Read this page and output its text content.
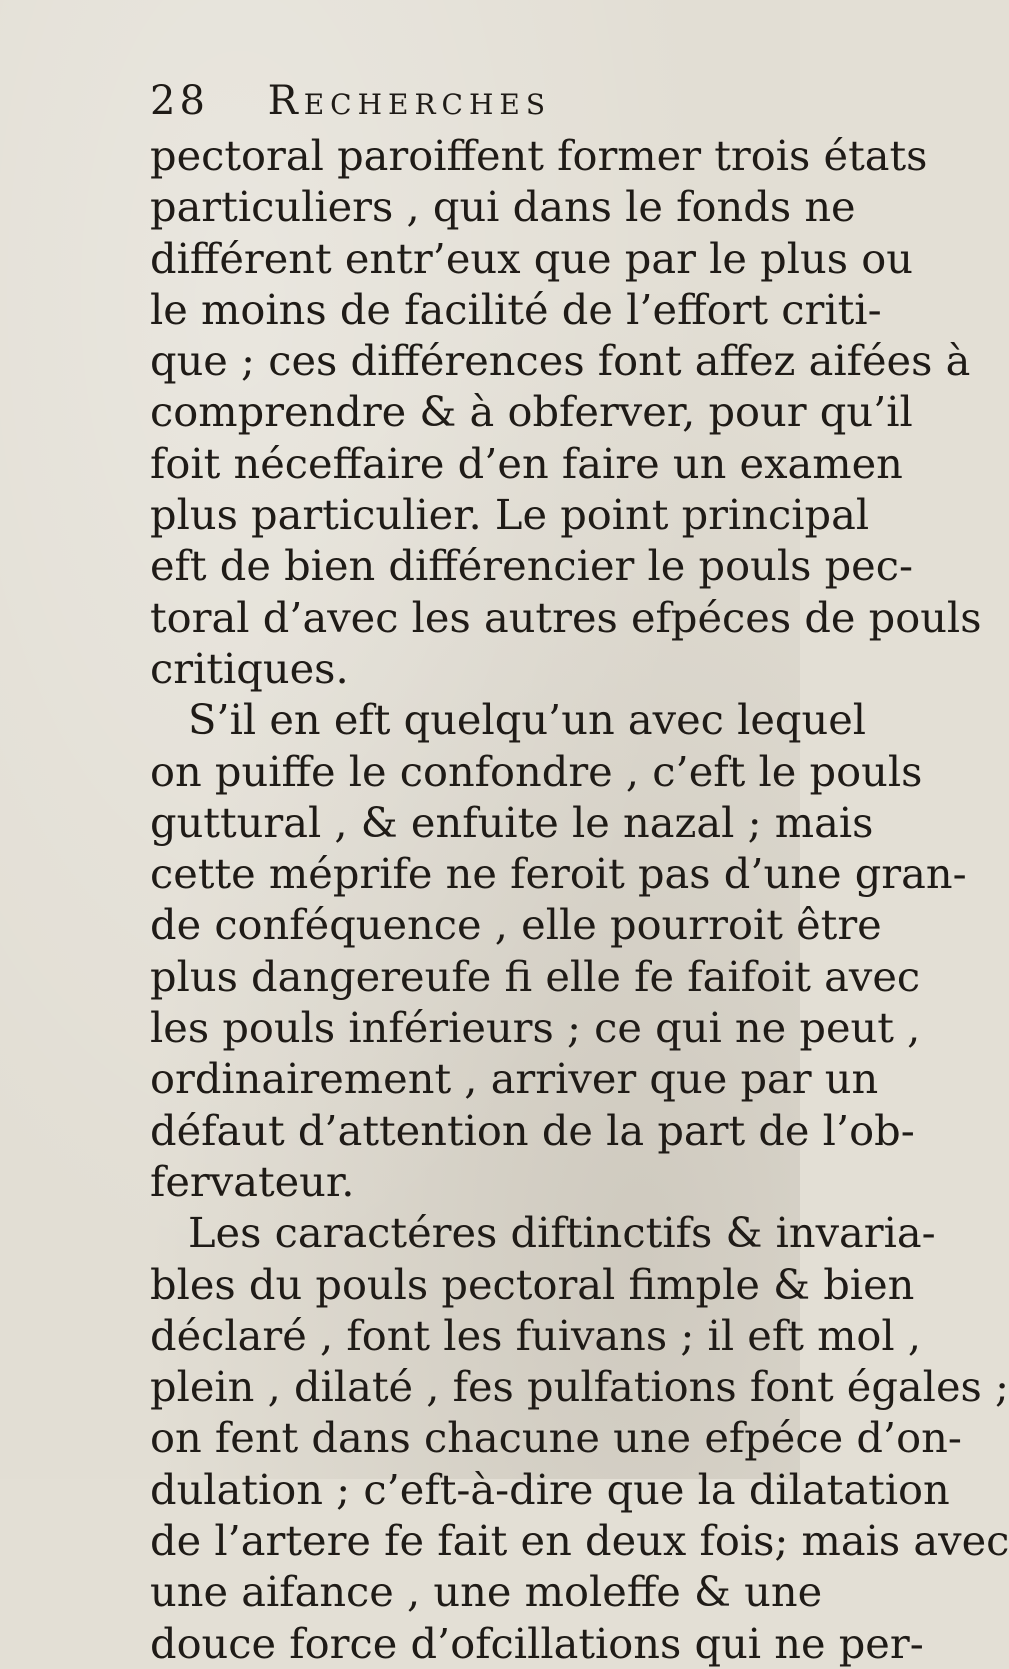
28 Recherches
pectoral paroiffent former trois états
particuliers , qui dans le fonds ne
différent entr’eux que par le plus ou
le moins de facilité de l’effort criti-
que ; ces différences font affez aifées à
comprendre & à obferver, pour qu’il
foit néceffaire d’en faire un examen
plus particulier. Le point principal
eft de bien différencier le pouls pec-
toral d’avec les autres efpéces de pouls
critiques.
S’il en eft quelqu’un avec lequel
on puiffe le confondre , c’eft le pouls
guttural , & enfuite le nazal ; mais
cette méprife ne feroit pas d’une gran-
de conféquence , elle pourroit être
plus dangereufe fi elle fe faifoit avec
les pouls inférieurs ; ce qui ne peut ,
ordinairement , arriver que par un
défaut d’attention de la part de l’ob-
fervateur.
Les caractéres diftinctifs & invaria-
bles du pouls pectoral fimple & bien
déclaré , font les fuivans ; il eft mol ,
plein , dilaté , fes pulfations font égales ;
on fent dans chacune une efpéce d’on-
dulation ; c’eft-à-dire que la dilatation
de l’artere fe fait en deux fois; mais avec
une aifance , une moleffe & une
douce force d’ofcillations qui ne per-
